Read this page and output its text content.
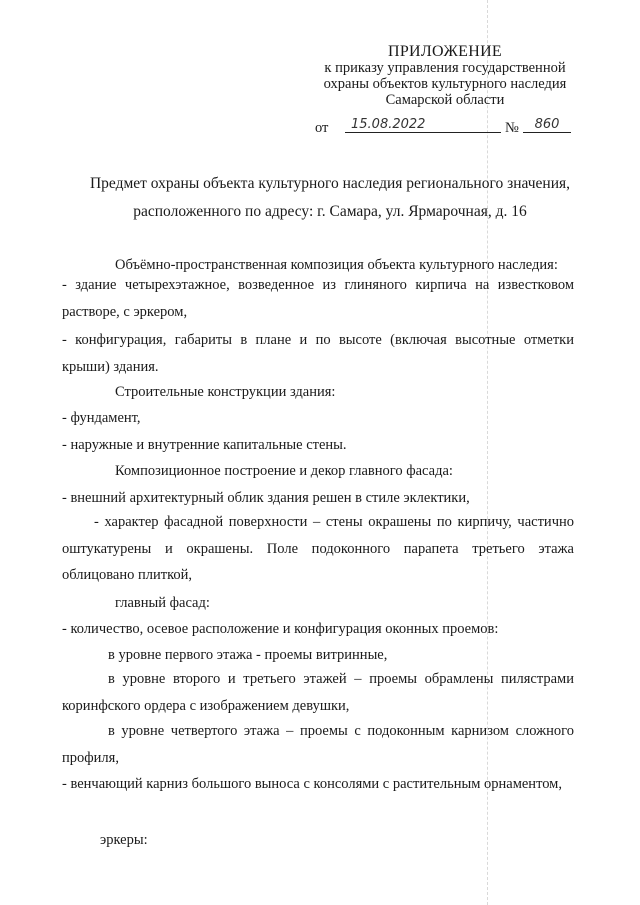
ПРИЛОЖЕНИЕ
к приказу управления государственной
охраны объектов культурного наследия
Самарской области
от	15.08.2022	№	860
Предмет охраны объекта культурного наследия регионального значения,
расположенного по адресу: г. Самара, ул. Ярмарочная, д. 16
Объёмно-пространственная композиция объекта культурного наследия:
- здание четырехэтажное, возведенное из глиняного кирпича на известковом растворе, с эркером,
- конфигурация, габариты в плане и по высоте (включая высотные отметки крыши) здания.
Строительные конструкции здания:
- фундамент,
- наружные и внутренние капитальные стены.
Композиционное построение и декор главного фасада:
- внешний архитектурный облик здания решен в стиле эклектики,
- характер фасадной поверхности – стены окрашены по кирпичу, частично оштукатурены и окрашены. Поле подоконного парапета третьего этажа облицовано плиткой,
главный фасад:
- количество, осевое расположение и конфигурация оконных проемов:
в уровне первого этажа - проемы витринные,
в уровне второго и третьего этажей – проемы обрамлены пилястрами коринфского ордера с изображением девушки,
в уровне четвертого этажа – проемы с подоконным карнизом сложного профиля,
- венчающий карниз большого выноса с консолями с растительным орнаментом,
эркеры:
